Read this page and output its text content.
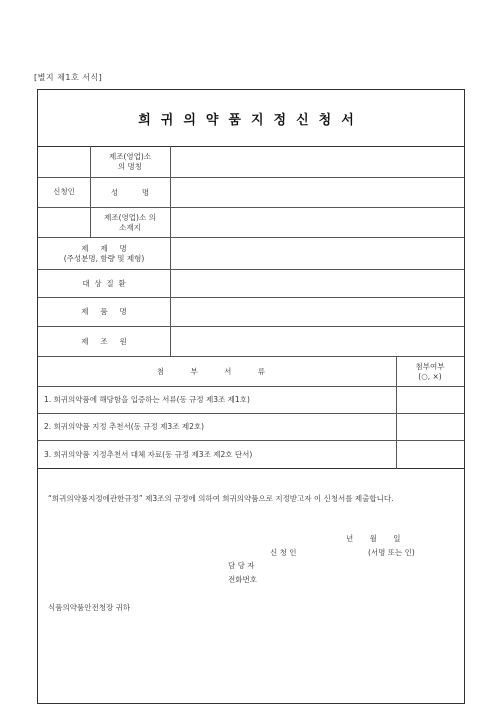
[별지 제1호 서식]
희귀의약품지정신청서
제조(영업)소
의 명칭
성          명
제조(영업)소 의
소재지
신청인
제     제     명
(주성분명, 함량 및 제형)
대  상  질  환
제     품     명
제     조     원
첨 부 서 류
첨부여부
(○, ×)
1. 희귀의약품에 해당함을 입증하는 서류(동 규정 제3조 제1호)
2. 희귀의약품 지정 추천서(동 규정 제3조 제2호)
3. 희귀의약품 지정추천서 대체 자료(동 규정 제3조 제2호 단서)
“희귀의약품지정에관한규정” 제3조의 규정에 의하여 희귀의약품으로 지정받고자 이 신청서를 제출합니다.
년 월 일
신 청 인	(서명 또는 인)
담 당 자
전화번호
식품의약품안전청장 귀하
